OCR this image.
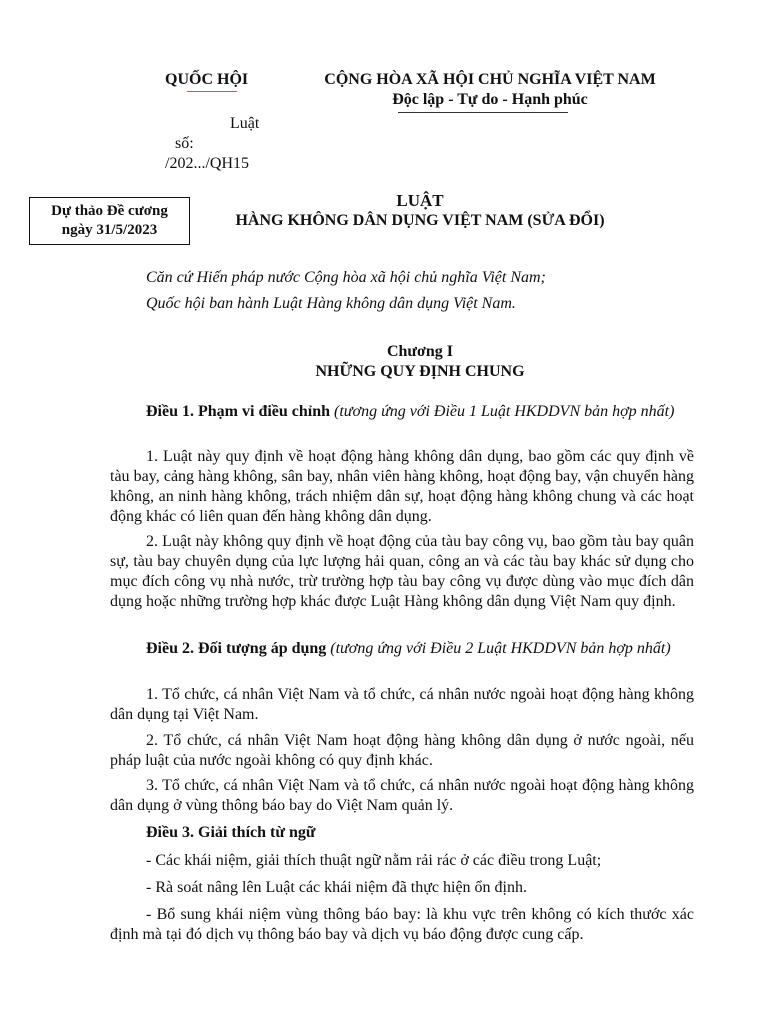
QUỐC HỘI	CỘNG HÒA XÃ HỘI CHỦ NGHĨA VIỆT NAM
Độc lập - Tự do - Hạnh phúc
Luật
số:
/202.../QH15
Dự thảo Đề cương
ngày 31/5/2023
LUẬT
HÀNG KHÔNG DÂN DỤNG VIỆT NAM (SỬA ĐỔI)
Căn cứ Hiến pháp nước Cộng hòa xã hội chủ nghĩa Việt Nam;
Quốc hội ban hành Luật Hàng không dân dụng Việt Nam.
Chương I
NHỮNG QUY ĐỊNH CHUNG
Điều 1. Phạm vi điều chỉnh (tương ứng với Điều 1 Luật HKDDVN bản hợp nhất)
1. Luật này quy định về hoạt động hàng không dân dụng, bao gồm các quy định về tàu bay, cảng hàng không, sân bay, nhân viên hàng không, hoạt động bay, vận chuyển hàng không, an ninh hàng không, trách nhiệm dân sự, hoạt động hàng không chung và các hoạt động khác có liên quan đến hàng không dân dụng.
2. Luật này không quy định về hoạt động của tàu bay công vụ, bao gồm tàu bay quân sự, tàu bay chuyên dụng của lực lượng hải quan, công an và các tàu bay khác sử dụng cho mục đích công vụ nhà nước, trừ trường hợp tàu bay công vụ được dùng vào mục đích dân dụng hoặc những trường hợp khác được Luật Hàng không dân dụng Việt Nam quy định.
Điều 2. Đối tượng áp dụng (tương ứng với Điều 2 Luật HKDDVN bản hợp nhất)
1. Tổ chức, cá nhân Việt Nam và tổ chức, cá nhân nước ngoài hoạt động hàng không dân dụng tại Việt Nam.
2. Tổ chức, cá nhân Việt Nam hoạt động hàng không dân dụng ở nước ngoài, nếu pháp luật của nước ngoài không có quy định khác.
3. Tổ chức, cá nhân Việt Nam và tổ chức, cá nhân nước ngoài hoạt động hàng không dân dụng ở vùng thông báo bay do Việt Nam quản lý.
Điều 3. Giải thích từ ngữ
- Các khái niệm, giải thích thuật ngữ nằm rải rác ở các điều trong Luật;
- Rà soát nâng lên Luật các khái niệm đã thực hiện ổn định.
- Bổ sung khái niệm vùng thông báo bay: là khu vực trên không có kích thước xác định mà tại đó dịch vụ thông báo bay và dịch vụ báo động được cung cấp.
